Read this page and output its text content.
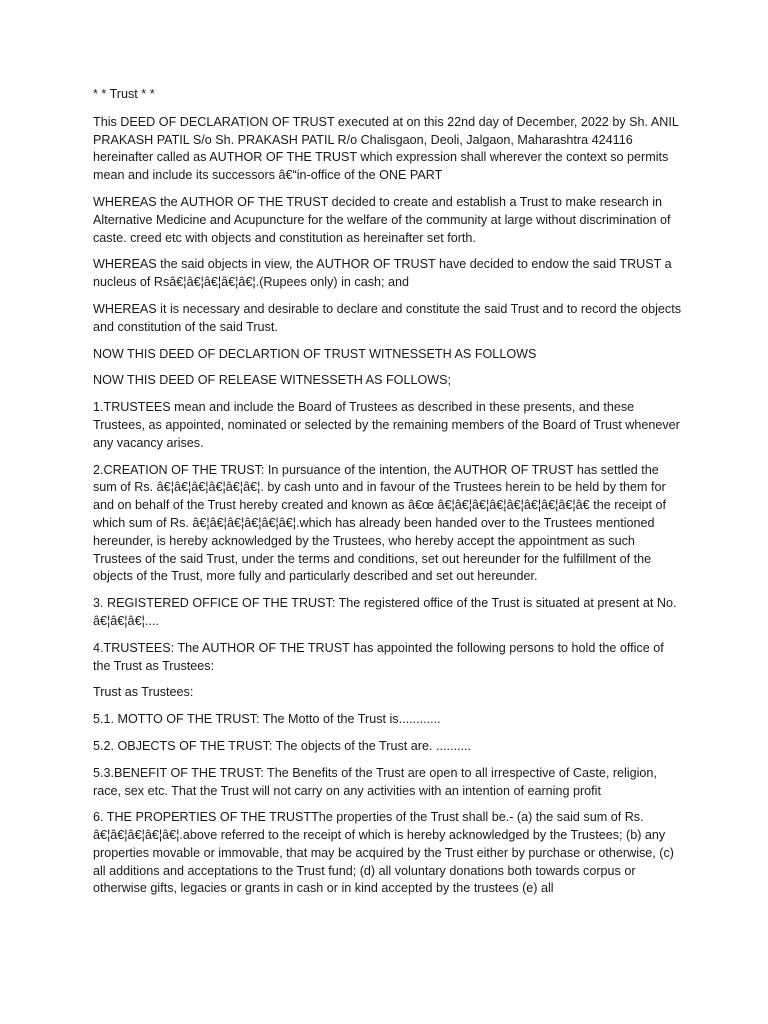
* * Trust * *

This DEED OF DECLARATION OF TRUST executed at on this 22nd day of December, 2022 by Sh. ANIL PRAKASH PATIL S/o Sh. PRAKASH PATIL R/o Chalisgaon, Deoli, Jalgaon, Maharashtra 424116 hereinafter called as AUTHOR OF THE TRUST which expression shall wherever the context so permits mean and include its successors â€“in-office of the ONE PART

WHEREAS the AUTHOR OF THE TRUST decided to create and establish a Trust to make research in Alternative Medicine and Acupuncture for the welfare of the community at large without discrimination of caste. creed etc with objects and constitution as hereinafter set forth.

WHEREAS the said objects in view, the AUTHOR OF TRUST have decided to endow the said TRUST a nucleus of Rsâ€¦â€¦â€¦â€¦â€¦.(Rupees only) in cash; and

WHEREAS it is necessary and desirable to declare and constitute the said Trust and to record the objects and constitution of the said Trust.

NOW THIS DEED OF DECLARTION OF TRUST WITNESSETH AS FOLLOWS

NOW THIS DEED OF RELEASE WITNESSETH AS FOLLOWS;

1.TRUSTEES mean and include the Board of Trustees as described in these presents, and these Trustees, as appointed, nominated or selected by the remaining members of the Board of Trust whenever any vacancy arises.

2.CREATION OF THE TRUST: In pursuance of the intention, the AUTHOR OF TRUST has settled the sum of Rs. â€¦â€¦â€¦â€¦â€¦â€¦. by cash unto and in favour of the Trustees herein to be held by them for and on behalf of the Trust hereby created and known as â€œ â€¦â€¦â€¦â€¦â€¦â€¦â€¦â€¦â€ the receipt of which sum of Rs. â€¦â€¦â€¦â€¦â€¦â€¦.which has already been handed over to the Trustees mentioned hereunder, is hereby acknowledged by the Trustees, who hereby accept the appointment as such Trustees of the said Trust, under the terms and conditions, set out hereunder for the fulfillment of the objects of the Trust, more fully and particularly described and set out hereunder.

3. REGISTERED OFFICE OF THE TRUST: The registered office of the Trust is situated at present at No. â€¦â€¦â€¦....

4.TRUSTEES: The AUTHOR OF THE TRUST has appointed the following persons to hold the office of the Trust as Trustees:

Trust as Trustees:

5.1. MOTTO OF THE TRUST: The Motto of the Trust is............

5.2. OBJECTS OF THE TRUST: The objects of the Trust are. ..........

5.3.BENEFIT OF THE TRUST: The Benefits of the Trust are open to all irrespective of Caste, religion, race, sex etc. That the Trust will not carry on any activities with an intention of earning profit

6. THE PROPERTIES OF THE TRUSTThe properties of the Trust shall be.- (a) the said sum of Rs. â€¦â€¦â€¦â€¦â€¦.above referred to the receipt of which is hereby acknowledged by the Trustees; (b) any properties movable or immovable, that may be acquired by the Trust either by purchase or otherwise, (c) all additions and acceptations to the Trust fund; (d) all voluntary donations both towards corpus or otherwise gifts, legacies or grants in cash or in kind accepted by the trustees (e) all
